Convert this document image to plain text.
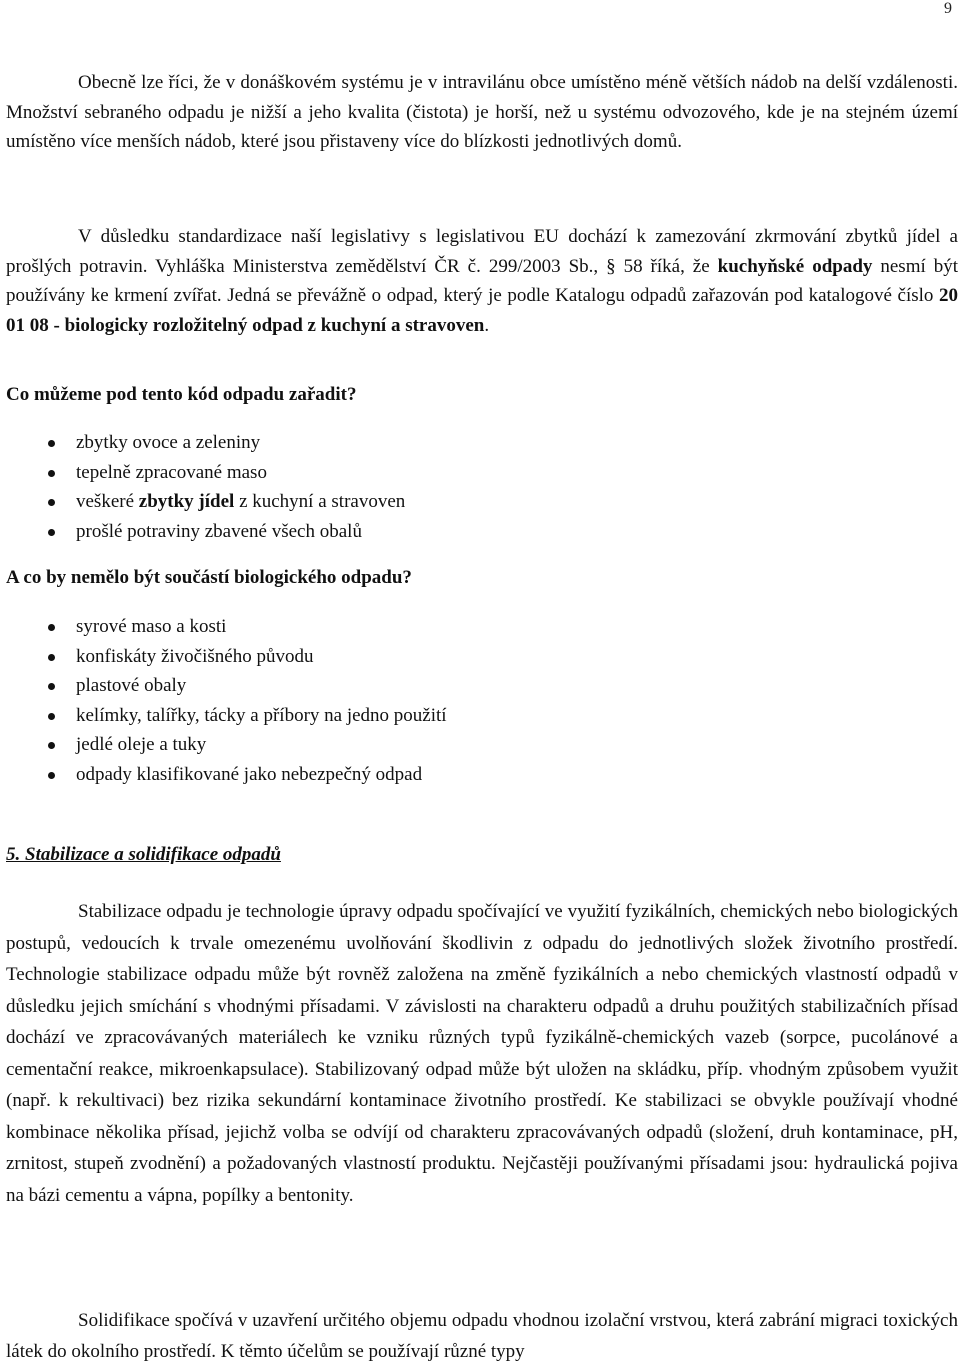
9

Obecně lze říci, že v donáškovém systému je v intravilánu obce umístěno méně větších nádob na delší vzdálenosti. Množství sebraného odpadu je nižší a jeho kvalita (čistota) je horší, než u systému odvozového, kde je na stejném území umístěno více menších nádob, které jsou přistaveny více do blízkosti jednotlivých domů.

V důsledku standardizace naší legislativy s legislativou EU dochází k zamezování zkrmování zbytků jídel a prošlých potravin. Vyhláška Ministerstva zemědělství ČR č. 299/2003 Sb., § 58 říká, že kuchyňské odpady nesmí být používány ke krmení zvířat. Jedná se převážně o odpad, který je podle Katalogu odpadů zařazován pod katalogové číslo 20 01 08 - biologicky rozložitelný odpad z kuchyní a stravoven.

Co můžeme pod tento kód odpadu zařadit?

zbytky ovoce a zeleniny
tepelně zpracované maso
veškeré zbytky jídel z kuchyní a stravoven
prošlé potraviny zbavené všech obalů

A co by nemělo být součástí biologického odpadu?

syrové maso a kosti
konfiskáty živočišného původu
plastové obaly
kelímky, talířky, tácky a příbory na jedno použití
jedlé oleje a tuky
odpady klasifikované jako nebezpečný odpad

5. Stabilizace a solidifikace odpadů

Stabilizace odpadu je technologie úpravy odpadu spočívající ve využití fyzikálních, chemických nebo biologických postupů, vedoucích k trvale omezenému uvolňování škodlivin z odpadu do jednotlivých složek životního prostředí. Technologie stabilizace odpadu může být rovněž založena na změně fyzikálních a nebo chemických vlastností odpadů v důsledku jejich smíchání s vhodnými přísadami. V závislosti na charakteru odpadů a druhu použitých stabilizačních přísad dochází ve zpracovávaných materiálech ke vzniku různých typů fyzikálně-chemických vazeb (sorpce, pucolánové a cementační reakce, mikroenkapsulace). Stabilizovaný odpad může být uložen na skládku, příp. vhodným způsobem využit (např. k rekultivaci) bez rizika sekundární kontaminace životního prostředí. Ke stabilizaci se obvykle používají vhodné kombinace několika přísad, jejichž volba se odvíjí od charakteru zpracovávaných odpadů (složení, druh kontaminace, pH, zrnitost, stupeň zvodnění) a požadovaných vlastností produktu. Nejčastěji používanými přísadami jsou: hydraulická pojiva na bázi cementu a vápna, popílky a bentonity.

Solidifikace spočívá v uzavření určitého objemu odpadu vhodnou izolační vrstvou, která zabrání migraci toxických látek do okolního prostředí. K těmto účelům se používají různé typy
